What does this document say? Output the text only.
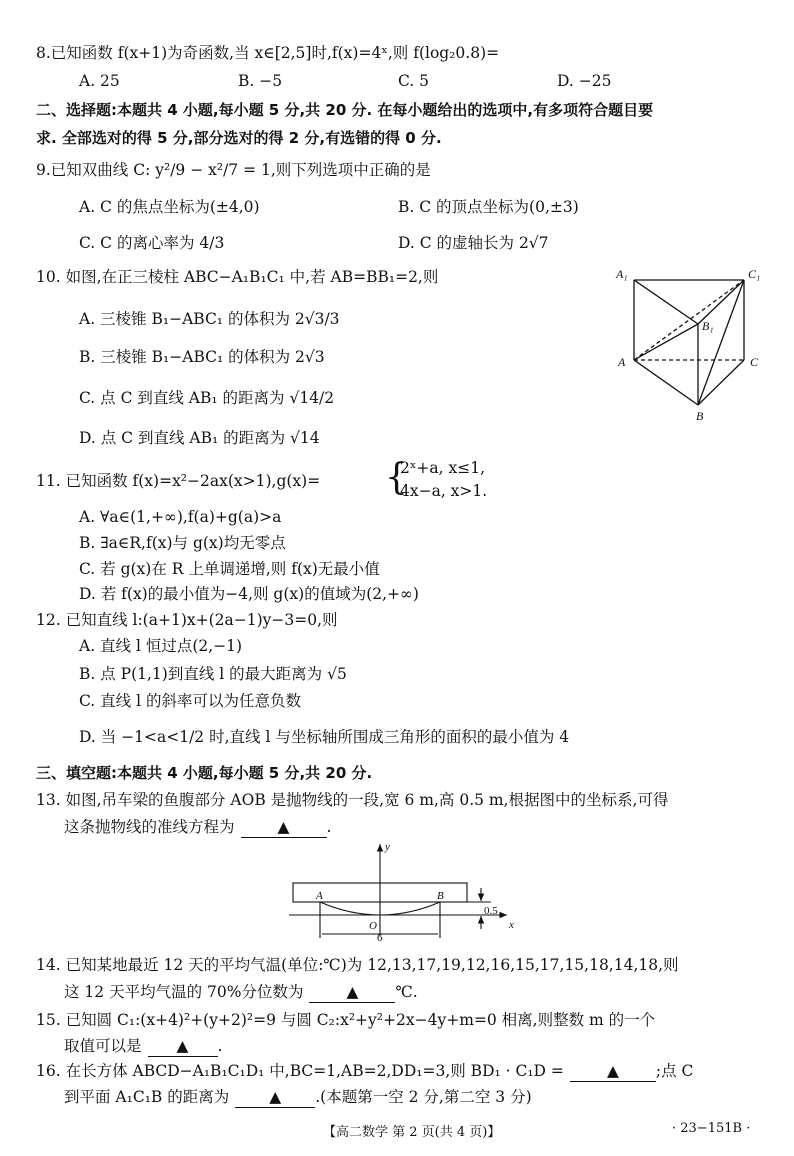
8.已知函数 f(x+1)为奇函数,当 x∈[2,5]时,f(x)=4ˣ,则 f(log₂0.8)=
A. 25	B. −5	C. 5	D. −25
二、选择题:本题共 4 小题,每小题 5 分,共 20 分. 在每小题给出的选项中,有多项符合题目要
求. 全部选对的得 5 分,部分选对的得 2 分,有选错的得 0 分.
9.已知双曲线 C: y²/9 − x²/7 = 1,则下列选项中正确的是
A. C 的焦点坐标为(±4,0)	B. C 的顶点坐标为(0,±3)
C. C 的离心率为 4/3	D. C 的虚轴长为 2√7
10. 如图,在正三棱柱 ABC−A₁B₁C₁ 中,若 AB=BB₁=2,则
A. 三棱锥 B₁−ABC₁ 的体积为 2√3/3
B. 三棱锥 B₁−ABC₁ 的体积为 2√3
C. 点 C 到直线 AB₁ 的距离为 √14/2
D. 点 C 到直线 AB₁ 的距离为 √14
A₁	C₁
B₁
A	C
B
11. 已知函数 f(x)=x²−2ax(x>1),g(x)= {
2ˣ+a, x≤1,
4x−a, x>1.
A. ∀a∈(1,+∞),f(a)+g(a)>a
B. ∃a∈R,f(x)与 g(x)均无零点
C. 若 g(x)在 R 上单调递增,则 f(x)无最小值
D. 若 f(x)的最小值为−4,则 g(x)的值域为(2,+∞)
12. 已知直线 l:(a+1)x+(2a−1)y−3=0,则
A. 直线 l 恒过点(2,−1)
B. 点 P(1,1)到直线 l 的最大距离为 √5
C. 直线 l 的斜率可以为任意负数
D. 当 −1<a<1/2 时,直线 l 与坐标轴所围成三角形的面积的最小值为 4
三、填空题:本题共 4 小题,每小题 5 分,共 20 分.
13. 如图,吊车梁的鱼腹部分 AOB 是抛物线的一段,宽 6 m,高 0.5 m,根据图中的坐标系,可得
这条抛物线的准线方程为	▲ .
y
x
A	B
O
0.5
6
14. 已知某地最近 12 天的平均气温(单位:℃)为 12,13,17,19,12,16,15,17,15,18,14,18,则
这 12 天平均气温的 70%分位数为	▲ ℃.
15. 已知圆 C₁:(x+4)²+(y+2)²=9 与圆 C₂:x²+y²+2x−4y+m=0 相离,则整数 m 的一个
取值可以是 ▲ .
16. 在长方体 ABCD−A₁B₁C₁D₁ 中,BC=1,AB=2,DD₁=3,则 BD₁ · C₁D =	▲ ;点 C
到平面 A₁C₁B 的距离为	▲ .(本题第一空 2 分,第二空 3 分)
【高二数学 第 2 页(共 4 页)】	· 23−151B ·
